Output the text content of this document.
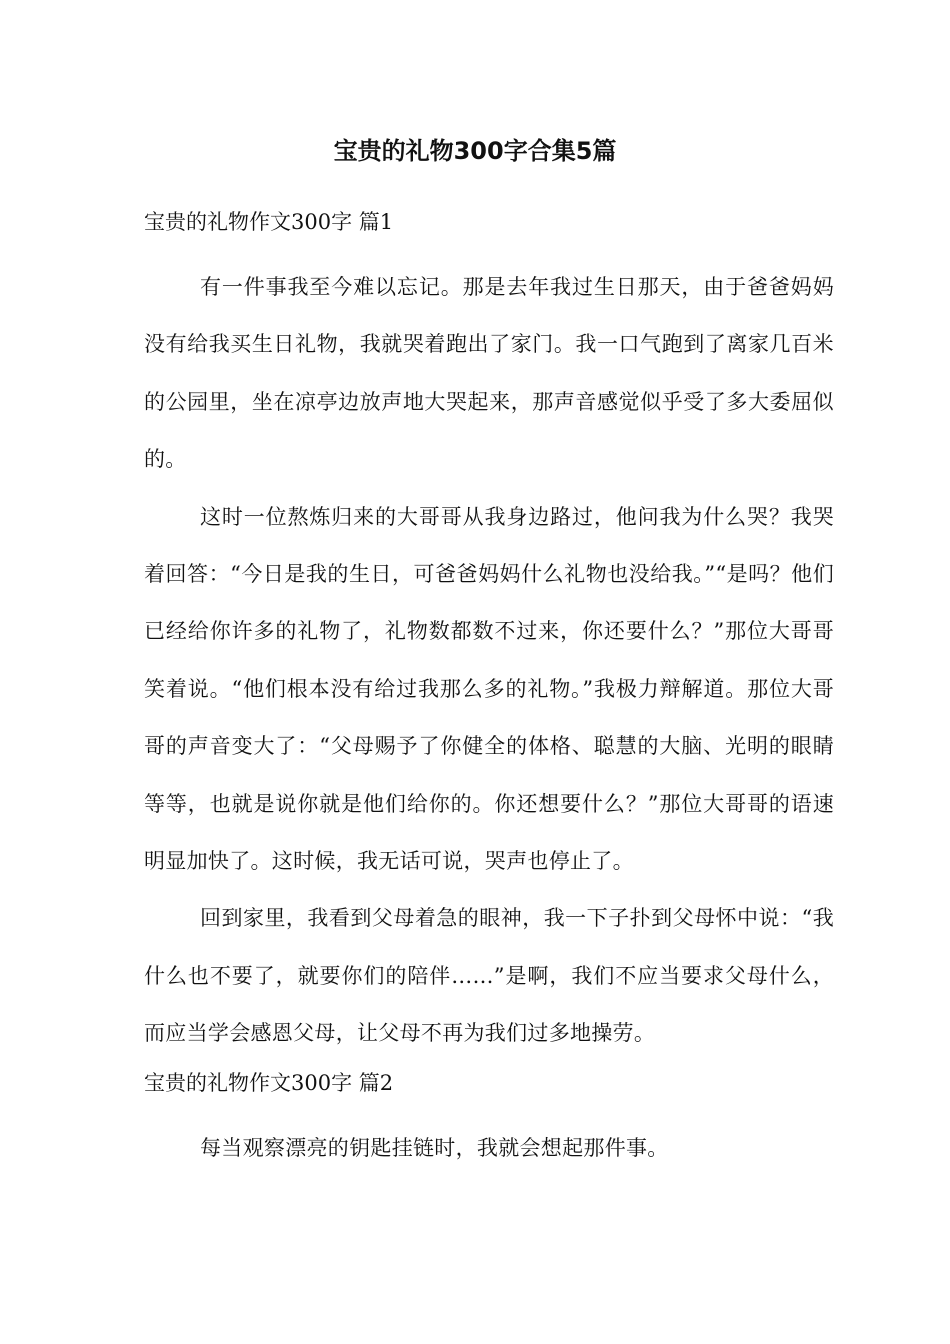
宝贵的礼物300字合集5篇
宝贵的礼物作文300字 篇1

有一件事我至今难以忘记。那是去年我过生日那天，由于爸爸妈妈没有给我买生日礼物，我就哭着跑出了家门。我一口气跑到了离家几百米的公园里，坐在凉亭边放声地大哭起来，那声音感觉似乎受了多大委屈似的。

这时一位熬炼归来的大哥哥从我身边路过，他问我为什么哭？我哭着回答：“今日是我的生日，可爸爸妈妈什么礼物也没给我。”“是吗？他们已经给你许多的礼物了，礼物数都数不过来，你还要什么？”那位大哥哥笑着说。“他们根本没有给过我那么多的礼物。”我极力辩解道。那位大哥哥的声音变大了：“父母赐予了你健全的体格、聪慧的大脑、光明的眼睛等等，也就是说你就是他们给你的。你还想要什么？”那位大哥哥的语速明显加快了。这时候，我无话可说，哭声也停止了。

回到家里，我看到父母着急的眼神，我一下子扑到父母怀中说：“我什么也不要了，就要你们的陪伴……”是啊，我们不应当要求父母什么，而应当学会感恩父母，让父母不再为我们过多地操劳。

宝贵的礼物作文300字 篇2

每当观察漂亮的钥匙挂链时，我就会想起那件事。
